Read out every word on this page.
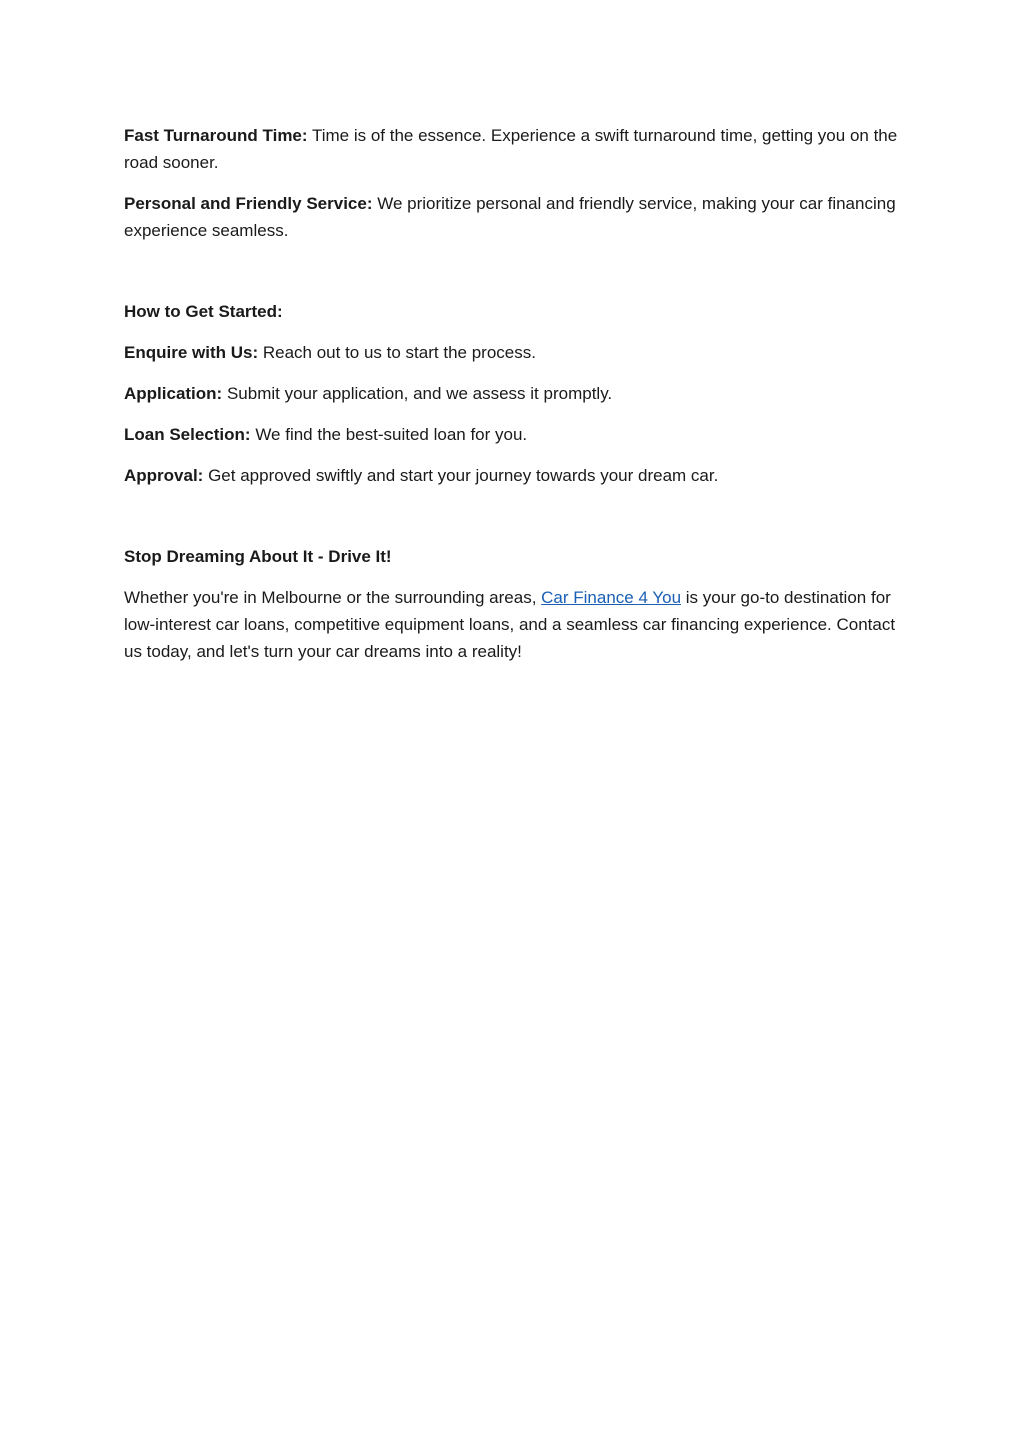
Fast Turnaround Time: Time is of the essence. Experience a swift turnaround time, getting you on the road sooner.

Personal and Friendly Service: We prioritize personal and friendly service, making your car financing experience seamless.

How to Get Started:

Enquire with Us: Reach out to us to start the process.

Application: Submit your application, and we assess it promptly.

Loan Selection: We find the best-suited loan for you.

Approval: Get approved swiftly and start your journey towards your dream car.

Stop Dreaming About It - Drive It!

Whether you're in Melbourne or the surrounding areas, Car Finance 4 You is your go-to destination for low-interest car loans, competitive equipment loans, and a seamless car financing experience. Contact us today, and let's turn your car dreams into a reality!
